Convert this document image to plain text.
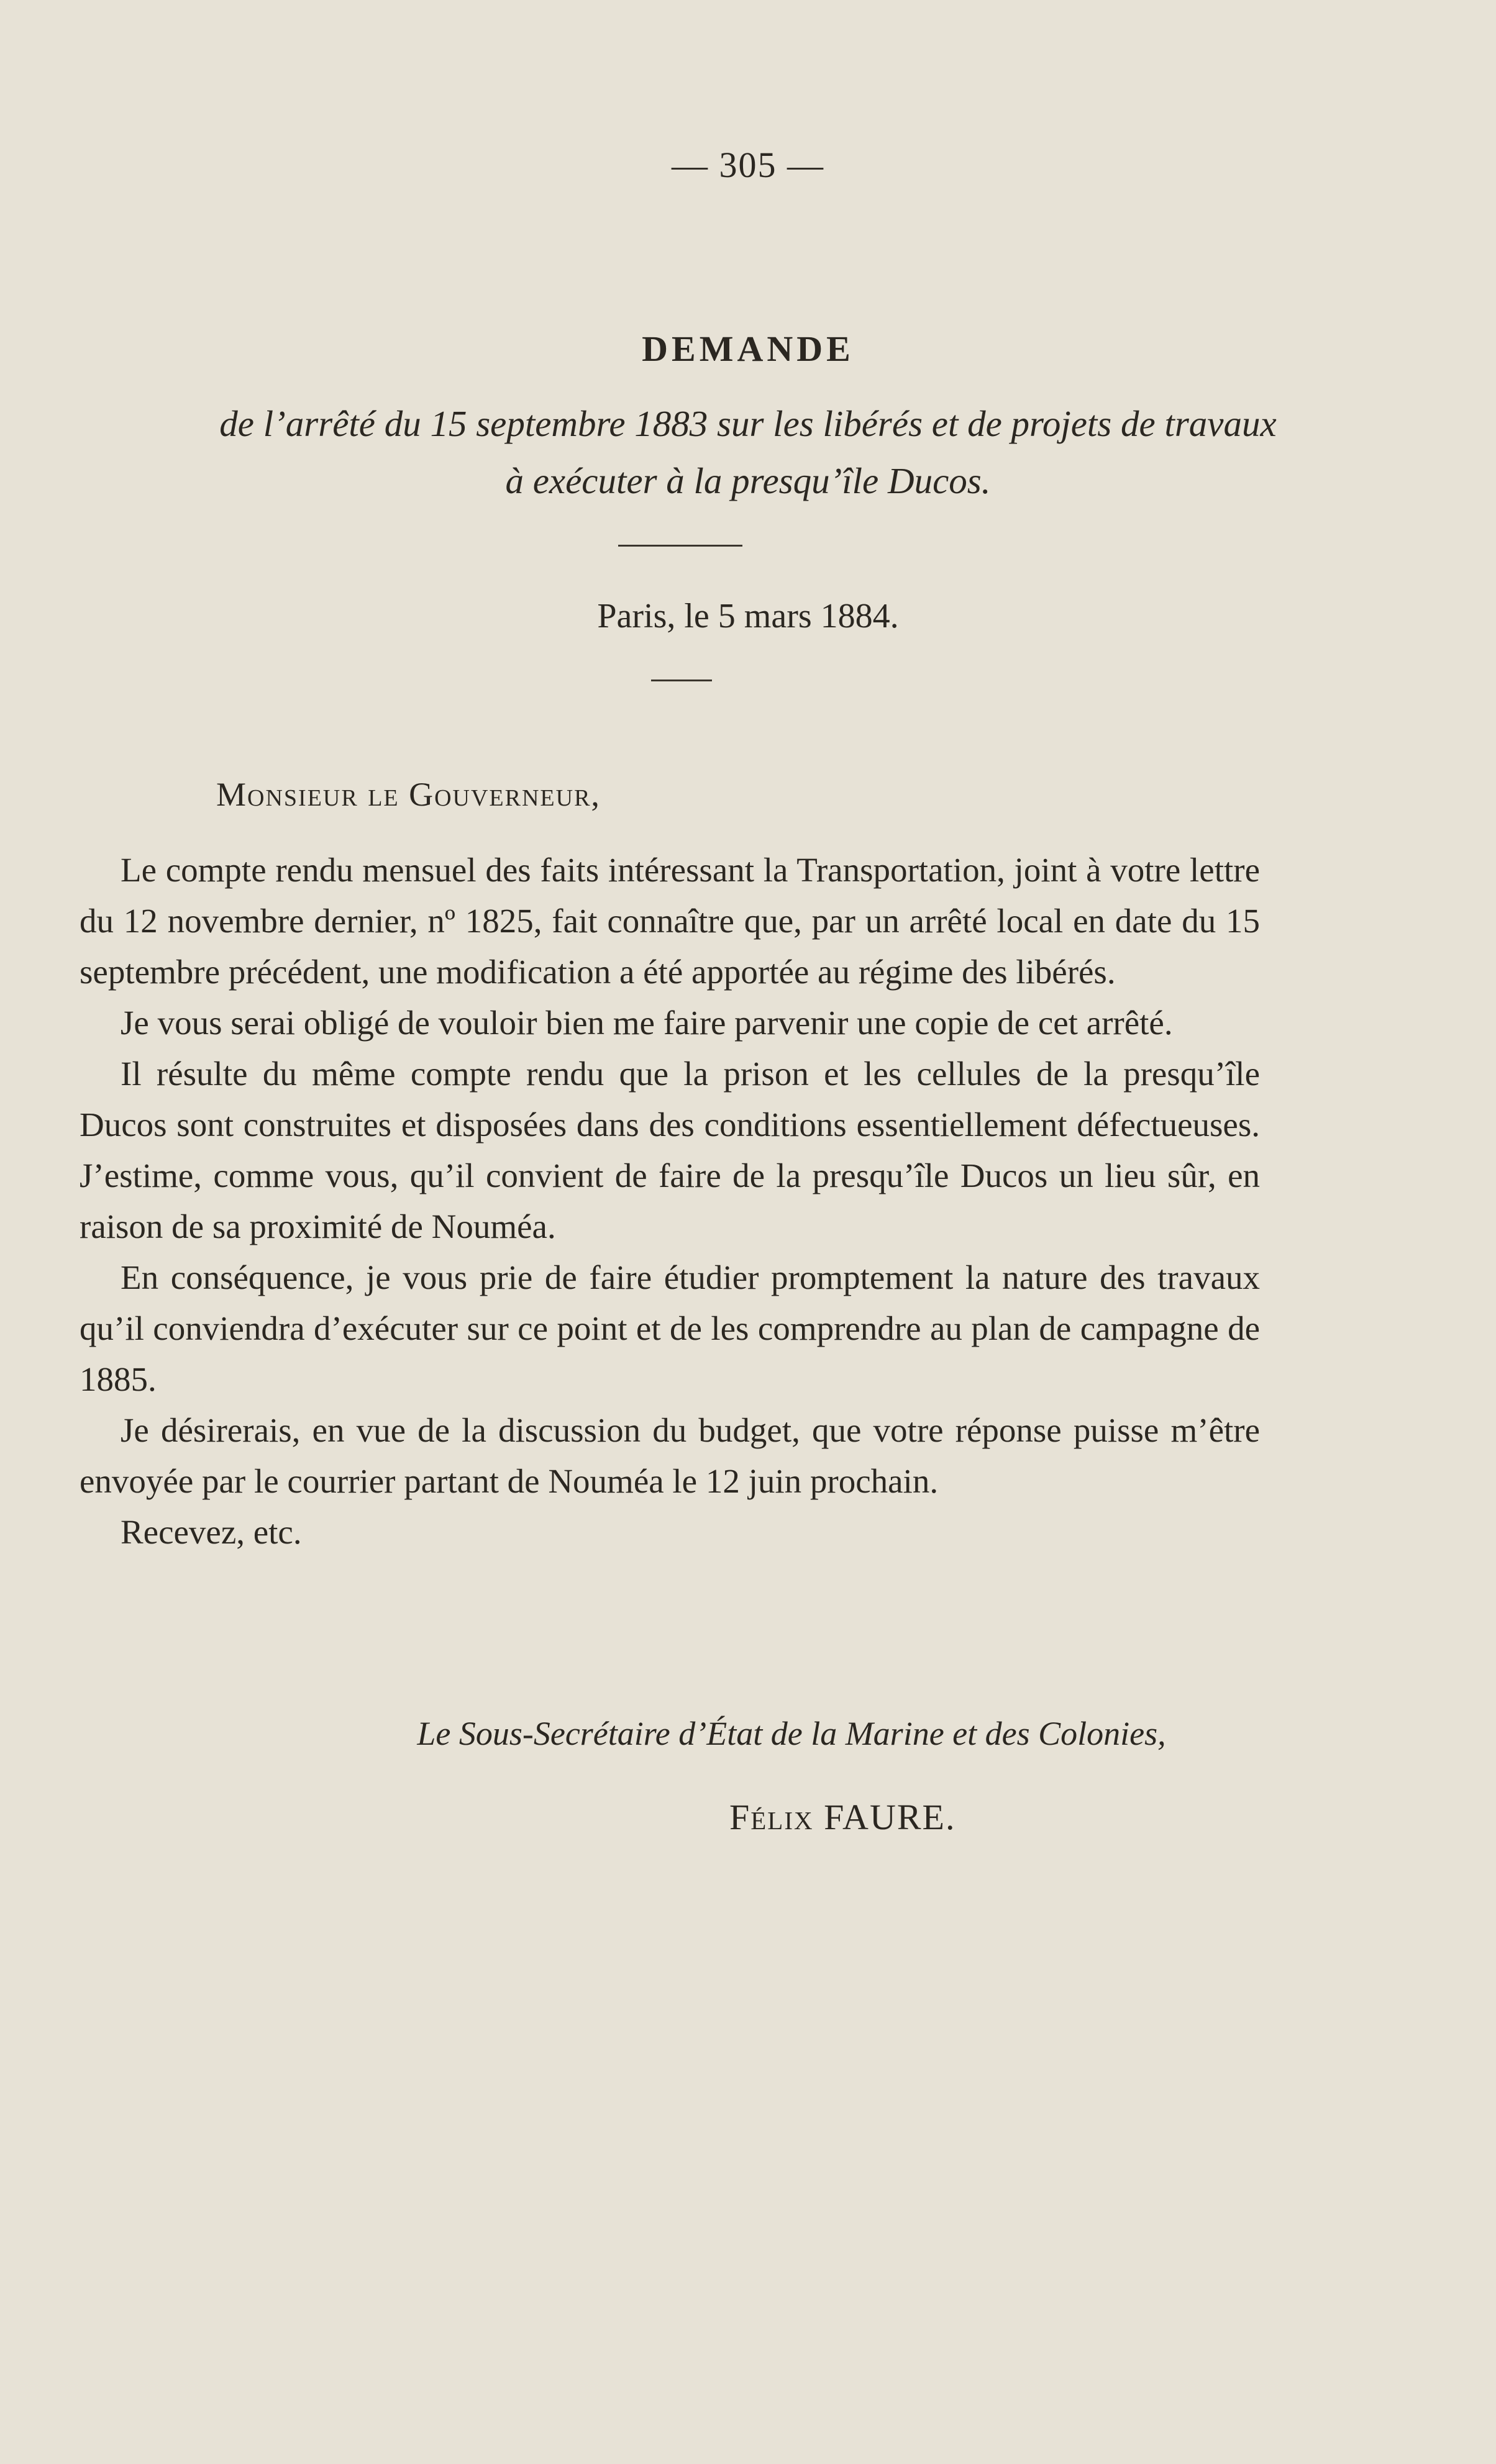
— 305 —
DEMANDE
de l’arrêté du 15 septembre 1883 sur les libérés et de projets de travaux
à exécuter à la presqu’île Ducos.
Paris, le 5 mars 1884.
Monsieur le Gouverneur,

Le compte rendu mensuel des faits intéressant la Transportation, joint à votre lettre du 12 novembre dernier, nº 1825, fait connaître que, par un arrêté local en date du 15 septembre précédent, une modification a été apportée au régime des libérés.

Je vous serai obligé de vouloir bien me faire parvenir une copie de cet arrêté.

Il résulte du même compte rendu que la prison et les cellules de la presqu’île Ducos sont construites et disposées dans des conditions essentiellement défectueuses. J’estime, comme vous, qu’il convient de faire de la presqu’île Ducos un lieu sûr, en raison de sa proximité de Nouméa.

En conséquence, je vous prie de faire étudier promptement la nature des travaux qu’il conviendra d’exécuter sur ce point et de les comprendre au plan de campagne de 1885.

Je désirerais, en vue de la discussion du budget, que votre réponse puisse m’être envoyée par le courrier partant de Nouméa le 12 juin prochain.

Recevez, etc.

Le Sous-Secrétaire d’État de la Marine et des Colonies,
Félix FAURE.
